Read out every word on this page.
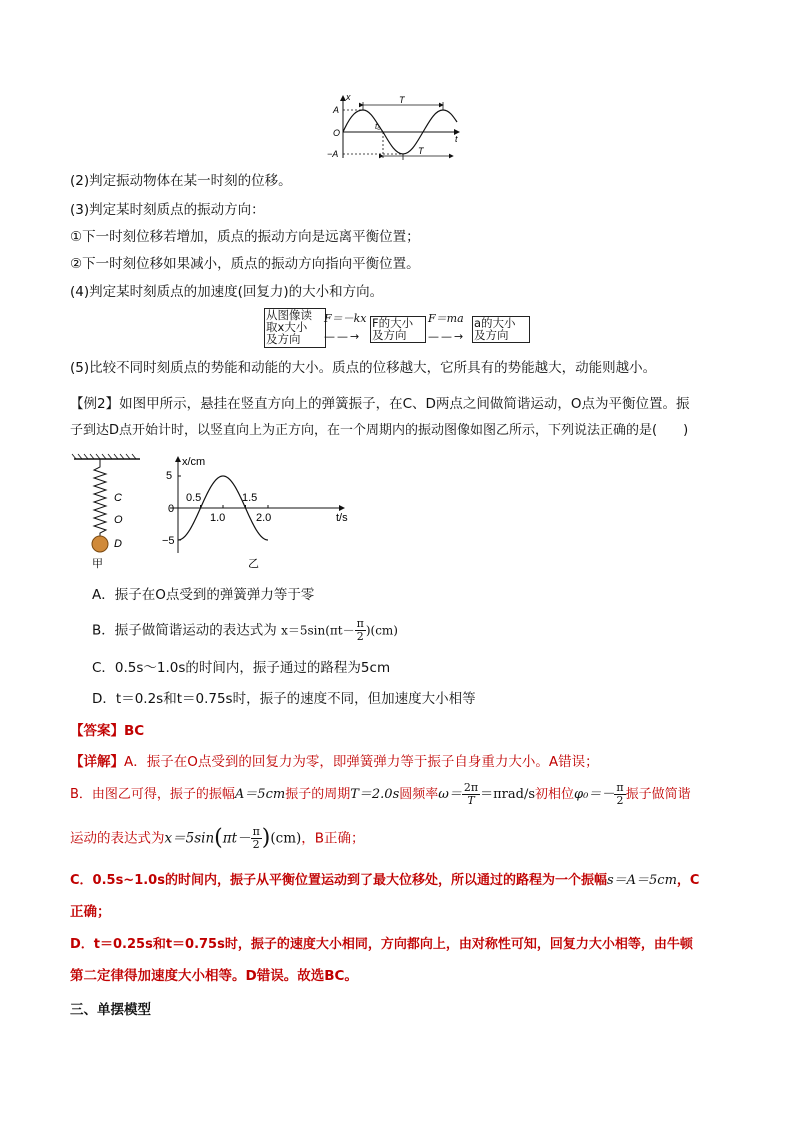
x
t
A
O
−A
T
T
t₀
(2)判定振动物体在某一时刻的位移。
(3)判定某时刻质点的振动方向：
①下一时刻位移若增加，质点的振动方向是远离平衡位置；
②下一时刻位移如果减小，质点的振动方向指向平衡位置。
(4)判定某时刻质点的加速度(回复力)的大小和方向。
从图像读
取x大小
及方向
F＝－kx
——→
F的大小
及方向
F＝ma
——→
a的大小
及方向
(5)比较不同时刻质点的势能和动能的大小。质点的位移越大，它所具有的势能越大，动能则越小。
【例2】如图甲所示，悬挂在竖直方向上的弹簧振子，在C、D两点之间做简谐运动，O点为平衡位置。振
子到达D点开始计时，以竖直向上为正方向，在一个周期内的振动图像如图乙所示，下列说法正确的是(　　)
C
O
D
甲
x/cm
t/s
5
0
−5
0.5
1.0
1.5
2.0
乙
A．振子在O点受到的弹簧弹力等于零
B．振子做简谐运动的表达式为 $x=5\sin(\pi t- \frac{\pi}{2} )(cm)$
C．0.5s～1.0s的时间内，振子通过的路程为5cm
D．t＝0.2s和t＝0.75s时，振子的速度不同，但加速度大小相等
【答案】BC
【详解】A．振子在O点受到的回复力为零，即弹簧弹力等于振子自身重力大小。A错误；
B．由图乙可得，振子的振幅A＝5cm振子的周期T＝2.0s圆频率$\omega= \frac{2\pi}{T} =\pi rad/s$初相位$\varphi_0=- \frac{\pi}{2}$ 振子做简谐
运动的表达式为$x=5\sin(\pi t- \frac{\pi}{2} )(cm)$，B正确；
C．0.5s~1.0s的时间内，振子从平衡位置运动到了最大位移处，所以通过的路程为一个振幅s＝A＝5cm，C
正确；
D．t＝0.25s和t＝0.75s时，振子的速度大小相同，方向都向上，由对称性可知，回复力大小相等，由牛顿
第二定律得加速度大小相等。D错误。故选BC。
三、单摆模型
